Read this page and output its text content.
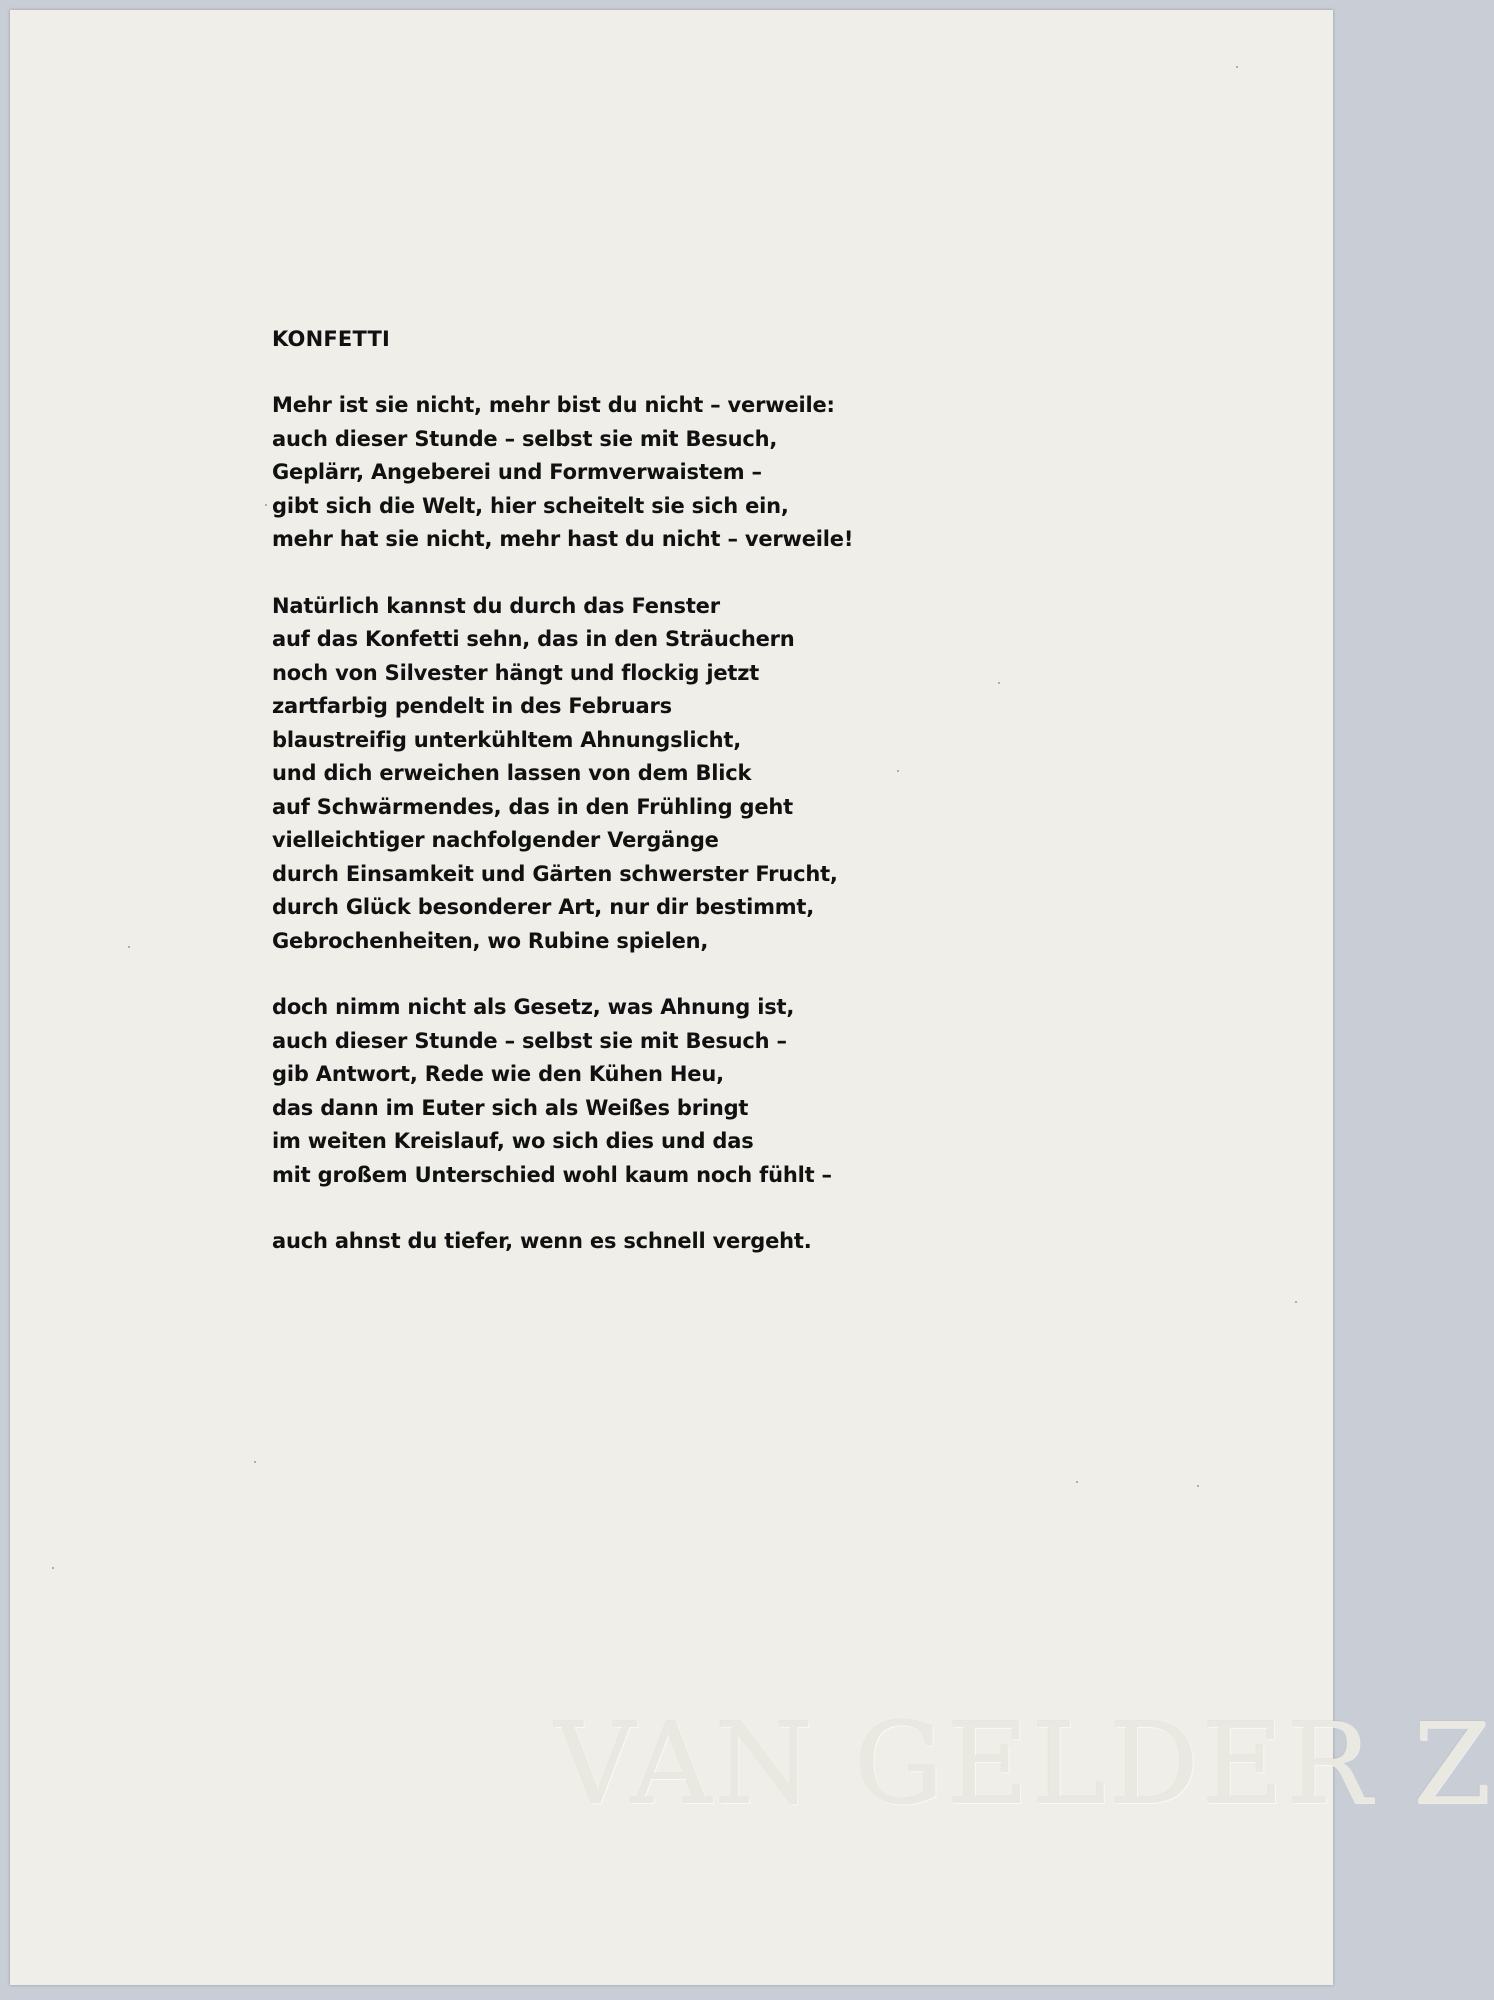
KONFETTI
Mehr ist sie nicht, mehr bist du nicht – verweile:
auch dieser Stunde – selbst sie mit Besuch,
Geplärr, Angeberei und Formverwaistem –
gibt sich die Welt, hier scheitelt sie sich ein,
mehr hat sie nicht, mehr hast du nicht – verweile!
Natürlich kannst du durch das Fenster
auf das Konfetti sehn, das in den Sträuchern
noch von Silvester hängt und flockig jetzt
zartfarbig pendelt in des Februars
blaustreifig unterkühltem Ahnungslicht,
und dich erweichen lassen von dem Blick
auf Schwärmendes, das in den Frühling geht
vielleichtiger nachfolgender Vergänge
durch Einsamkeit und Gärten schwerster Frucht,
durch Glück besonderer Art, nur dir bestimmt,
Gebrochenheiten, wo Rubine spielen,
doch nimm nicht als Gesetz, was Ahnung ist,
auch dieser Stunde – selbst sie mit Besuch –
gib Antwort, Rede wie den Kühen Heu,
das dann im Euter sich als Weißes bringt
im weiten Kreislauf, wo sich dies und das
mit großem Unterschied wohl kaum noch fühlt –
auch ahnst du tiefer, wenn es schnell vergeht.
VAN GELDER Z
